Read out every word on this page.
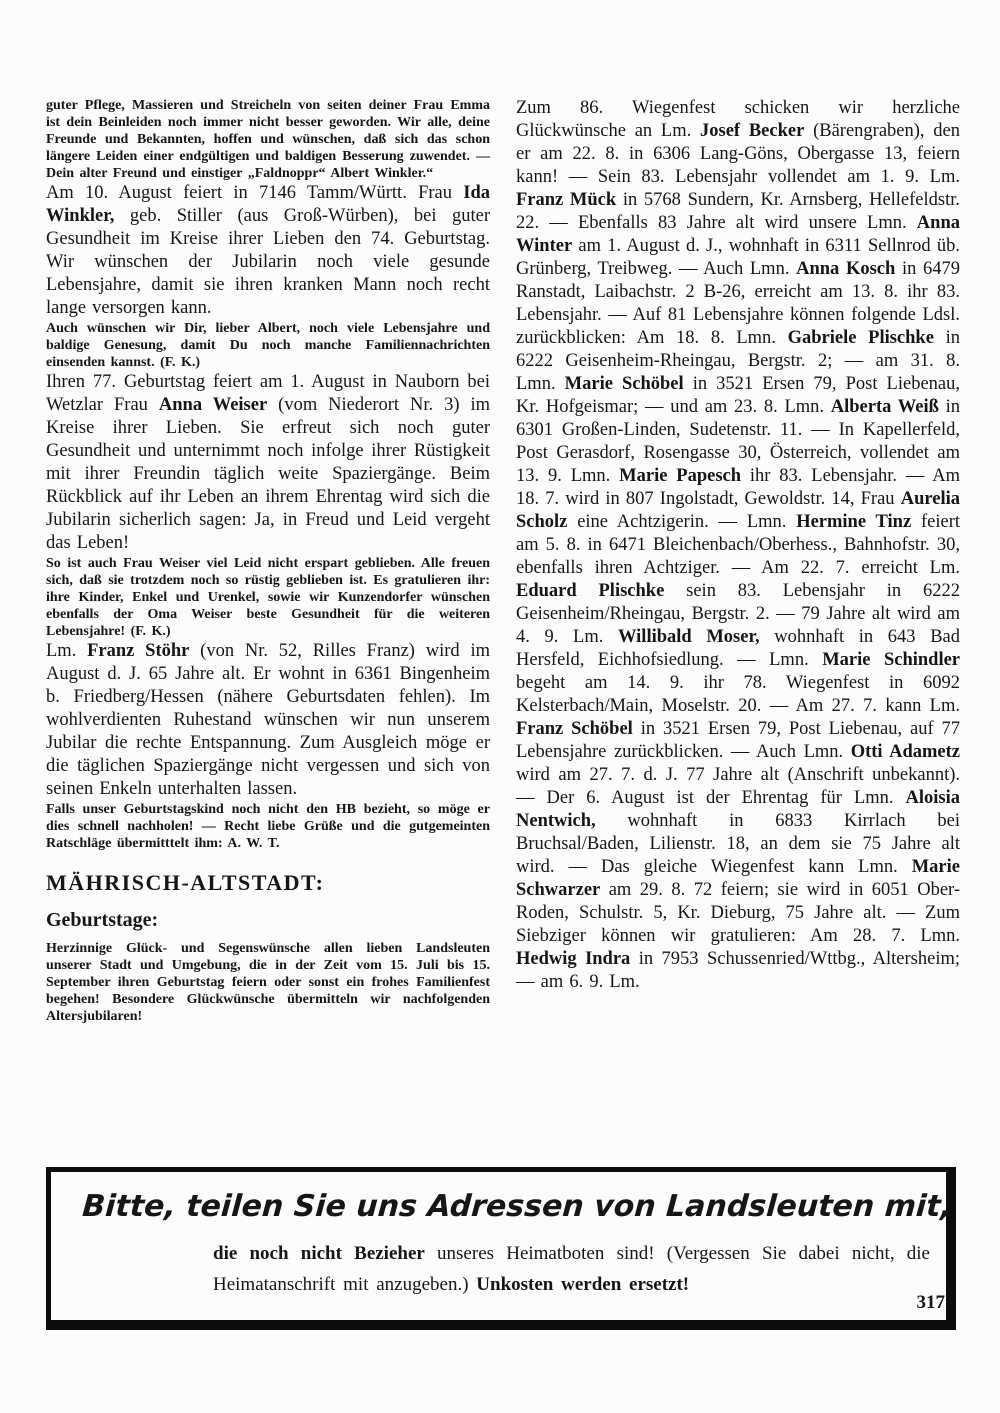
guter Pflege, Massieren und Streicheln von seiten deiner Frau Emma ist dein Beinleiden noch immer nicht besser geworden. Wir alle, deine Freunde und Bekannten, hoffen und wünschen, daß sich das schon längere Leiden einer endgültigen und baldigen Besserung zuwendet. — Dein alter Freund und einstiger „Faldnoppr“ Albert Winkler.“

Am 10. August feiert in 7146 Tamm/Württ. Frau Ida Winkler, geb. Stiller (aus Groß-Würben), bei guter Gesundheit im Kreise ihrer Lieben den 74. Geburtstag. Wir wünschen der Jubilarin noch viele gesunde Lebensjahre, damit sie ihren kranken Mann noch recht lange versorgen kann.

Auch wünschen wir Dir, lieber Albert, noch viele Lebensjahre und baldige Genesung, damit Du noch manche Familiennachrichten einsenden kannst. (F. K.)

Ihren 77. Geburtstag feiert am 1. August in Nauborn bei Wetzlar Frau Anna Weiser (vom Niederort Nr. 3) im Kreise ihrer Lieben. Sie erfreut sich noch guter Gesundheit und unternimmt noch infolge ihrer Rüstigkeit mit ihrer Freundin täglich weite Spaziergänge. Beim Rückblick auf ihr Leben an ihrem Ehrentag wird sich die Jubilarin sicherlich sagen: Ja, in Freud und Leid vergeht das Leben!

So ist auch Frau Weiser viel Leid nicht erspart geblieben. Alle freuen sich, daß sie trotzdem noch so rüstig geblieben ist. Es gratulieren ihr: ihre Kinder, Enkel und Urenkel, sowie wir Kunzendorfer wünschen ebenfalls der Oma Weiser beste Gesundheit für die weiteren Lebensjahre! (F. K.)

Lm. Franz Stöhr (von Nr. 52, Rilles Franz) wird im August d. J. 65 Jahre alt. Er wohnt in 6361 Bingenheim b. Friedberg/Hessen (nähere Geburtsdaten fehlen). Im wohlverdienten Ruhestand wünschen wir nun unserem Jubilar die rechte Entspannung. Zum Ausgleich möge er die täglichen Spaziergänge nicht vergessen und sich von seinen Enkeln unterhalten lassen.

Falls unser Geburtstagskind noch nicht den HB bezieht, so möge er dies schnell nachholen! — Recht liebe Grüße und die gutgemeinten Ratschläge übermitttelt ihm: A. W. T.

MÄHRISCH-ALTSTADT:
Geburtstage:

Herzinnige Glück- und Segenswünsche allen lieben Landsleuten unserer Stadt und Umgebung, die in der Zeit vom 15. Juli bis 15. September ihren Geburtstag feiern oder sonst ein frohes Familienfest begehen! Besondere Glückwünsche übermitteln wir nachfolgenden Altersjubilaren!

Zum 86. Wiegenfest schicken wir herzliche Glückwünsche an Lm. Josef Becker (Bärengraben), den er am 22. 8. in 6306 Lang-Göns, Obergasse 13, feiern kann! — Sein 83. Lebensjahr vollendet am 1. 9. Lm. Franz Mück in 5768 Sundern, Kr. Arnsberg, Hellefeldstr. 22. — Ebenfalls 83 Jahre alt wird unsere Lmn. Anna Winter am 1. August d. J., wohnhaft in 6311 Sellnrod üb. Grünberg, Treibweg. — Auch Lmn. Anna Kosch in 6479 Ranstadt, Laibachstr. 2 B-26, erreicht am 13. 8. ihr 83. Lebensjahr. — Auf 81 Lebensjahre können folgende Ldsl. zurückblicken: Am 18. 8. Lmn. Gabriele Plischke in 6222 Geisenheim-Rheingau, Bergstr. 2; — am 31. 8. Lmn. Marie Schöbel in 3521 Ersen 79, Post Liebenau, Kr. Hofgeismar; — und am 23. 8. Lmn. Alberta Weiß in 6301 Großen-Linden, Sudetenstr. 11. — In Kapellerfeld, Post Gerasdorf, Rosengasse 30, Österreich, vollendet am 13. 9. Lmn. Marie Papesch ihr 83. Lebensjahr. — Am 18. 7. wird in 807 Ingolstadt, Gewoldstr. 14, Frau Aurelia Scholz eine Achtzigerin. — Lmn. Hermine Tinz feiert am 5. 8. in 6471 Bleichenbach/Oberhess., Bahnhofstr. 30, ebenfalls ihren Achtziger. — Am 22. 7. erreicht Lm. Eduard Plischke sein 83. Lebensjahr in 6222 Geisenheim/Rheingau, Bergstr. 2. — 79 Jahre alt wird am 4. 9. Lm. Willibald Moser, wohnhaft in 643 Bad Hersfeld, Eichhofsiedlung. — Lmn. Marie Schindler begeht am 14. 9. ihr 78. Wiegenfest in 6092 Kelsterbach/Main, Moselstr. 20. — Am 27. 7. kann Lm. Franz Schöbel in 3521 Ersen 79, Post Liebenau, auf 77 Lebensjahre zurückblicken. — Auch Lmn. Otti Adametz wird am 27. 7. d. J. 77 Jahre alt (Anschrift unbekannt). — Der 6. August ist der Ehrentag für Lmn. Aloisia Nentwich, wohnhaft in 6833 Kirrlach bei Bruchsal/Baden, Lilienstr. 18, an dem sie 75 Jahre alt wird. — Das gleiche Wiegenfest kann Lmn. Marie Schwarzer am 29. 8. 72 feiern; sie wird in 6051 Ober-Roden, Schulstr. 5, Kr. Dieburg, 75 Jahre alt. — Zum Siebziger können wir gratulieren: Am 28. 7. Lmn. Hedwig Indra in 7953 Schussenried/Wttbg., Altersheim; — am 6. 9. Lm.

Bitte, teilen Sie uns Adressen von Landsleuten mit,

die noch nicht Bezieher unseres Heimatboten sind! (Vergessen Sie dabei nicht, die Heimatanschrift mit anzugeben.) Unkosten werden ersetzt!

317
